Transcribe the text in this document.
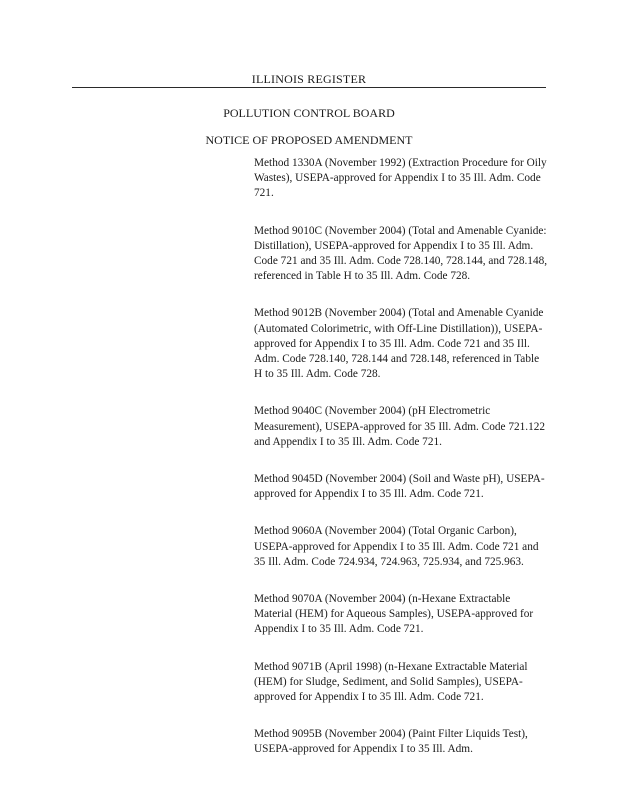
ILLINOIS REGISTER
POLLUTION CONTROL BOARD
NOTICE OF PROPOSED AMENDMENT
Method 1330A (November 1992) (Extraction Procedure for Oily Wastes), USEPA-approved for Appendix I to 35 Ill. Adm. Code 721.
Method 9010C (November 2004) (Total and Amenable Cyanide: Distillation), USEPA-approved for Appendix I to 35 Ill. Adm. Code 721 and 35 Ill. Adm. Code 728.140, 728.144, and 728.148, referenced in Table H to 35 Ill. Adm. Code 728.
Method 9012B (November 2004) (Total and Amenable Cyanide (Automated Colorimetric, with Off-Line Distillation)), USEPA-approved for Appendix I to 35 Ill. Adm. Code 721 and 35 Ill. Adm. Code 728.140, 728.144 and 728.148, referenced in Table H to 35 Ill. Adm. Code 728.
Method 9040C (November 2004) (pH Electrometric Measurement), USEPA-approved for 35 Ill. Adm. Code 721.122 and Appendix I to 35 Ill. Adm. Code 721.
Method 9045D (November 2004) (Soil and Waste pH), USEPA-approved for Appendix I to 35 Ill. Adm. Code 721.
Method 9060A (November 2004) (Total Organic Carbon), USEPA-approved for Appendix I to 35 Ill. Adm. Code 721 and 35 Ill. Adm. Code 724.934, 724.963, 725.934, and 725.963.
Method 9070A (November 2004) (n-Hexane Extractable Material (HEM) for Aqueous Samples), USEPA-approved for Appendix I to 35 Ill. Adm. Code 721.
Method 9071B (April 1998) (n-Hexane Extractable Material (HEM) for Sludge, Sediment, and Solid Samples), USEPA-approved for Appendix I to 35 Ill. Adm. Code 721.
Method 9095B (November 2004) (Paint Filter Liquids Test), USEPA-approved for Appendix I to 35 Ill. Adm.
